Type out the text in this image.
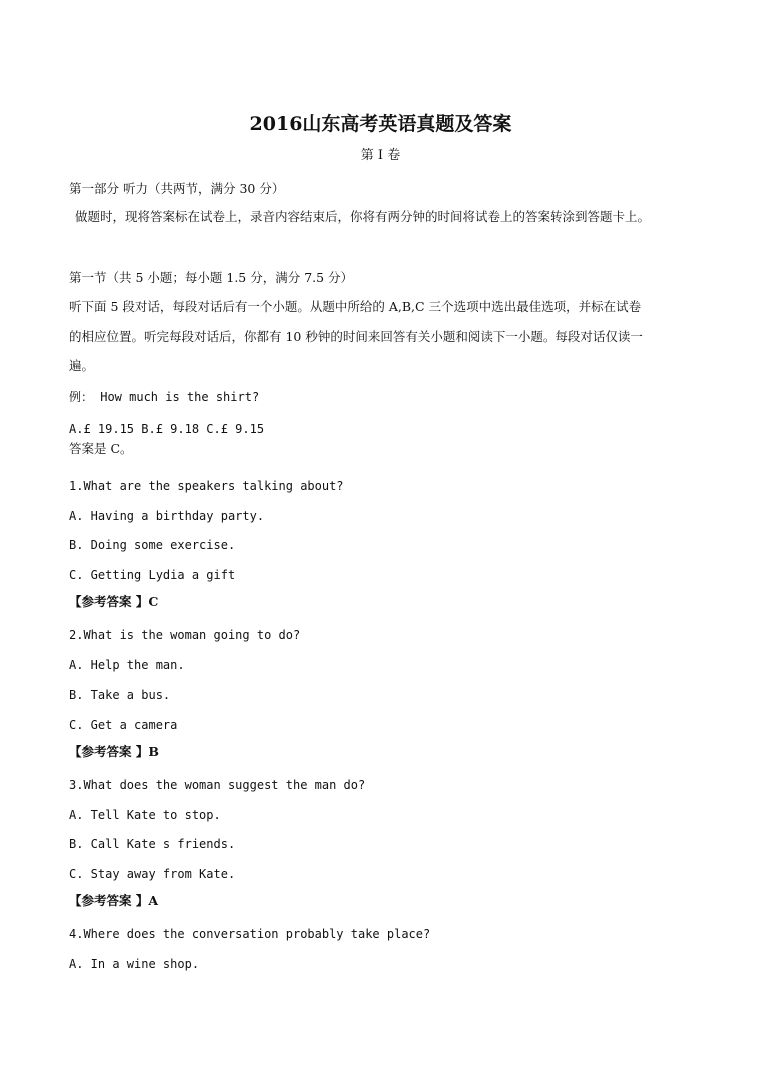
2016山东高考英语真题及答案
第 I 卷
第一部分 听力（共两节，满分 30 分）
做题时，现将答案标在试卷上，录音内容结束后，你将有两分钟的时间将试卷上的答案转涂到答题卡上。
第一节（共 5 小题；每小题 1.5 分，满分 7.5 分）
听下面 5 段对话，每段对话后有一个小题。从题中所给的 A,B,C 三个选项中选出最佳选项，并标在试卷
的相应位置。听完每段对话后，你都有 10 秒钟的时间来回答有关小题和阅读下一小题。每段对话仅读一
遍。
例： How much is the shirt?
A.£ 19.15 B.£ 9.18 C.£ 9.15
答案是 C。
1.What are the speakers talking about?
A. Having a birthday party.
B. Doing some exercise.
C. Getting Lydia a gift
【参考答案 】C
2.What is the woman going to do?
A. Help the man.
B. Take a bus.
C. Get a camera
【参考答案 】B
3.What does the woman suggest the man do?
A. Tell Kate to stop.
B. Call Kate s friends.
C. Stay away from Kate.
【参考答案 】A
4.Where does the conversation probably take place?
A. In a wine shop.
